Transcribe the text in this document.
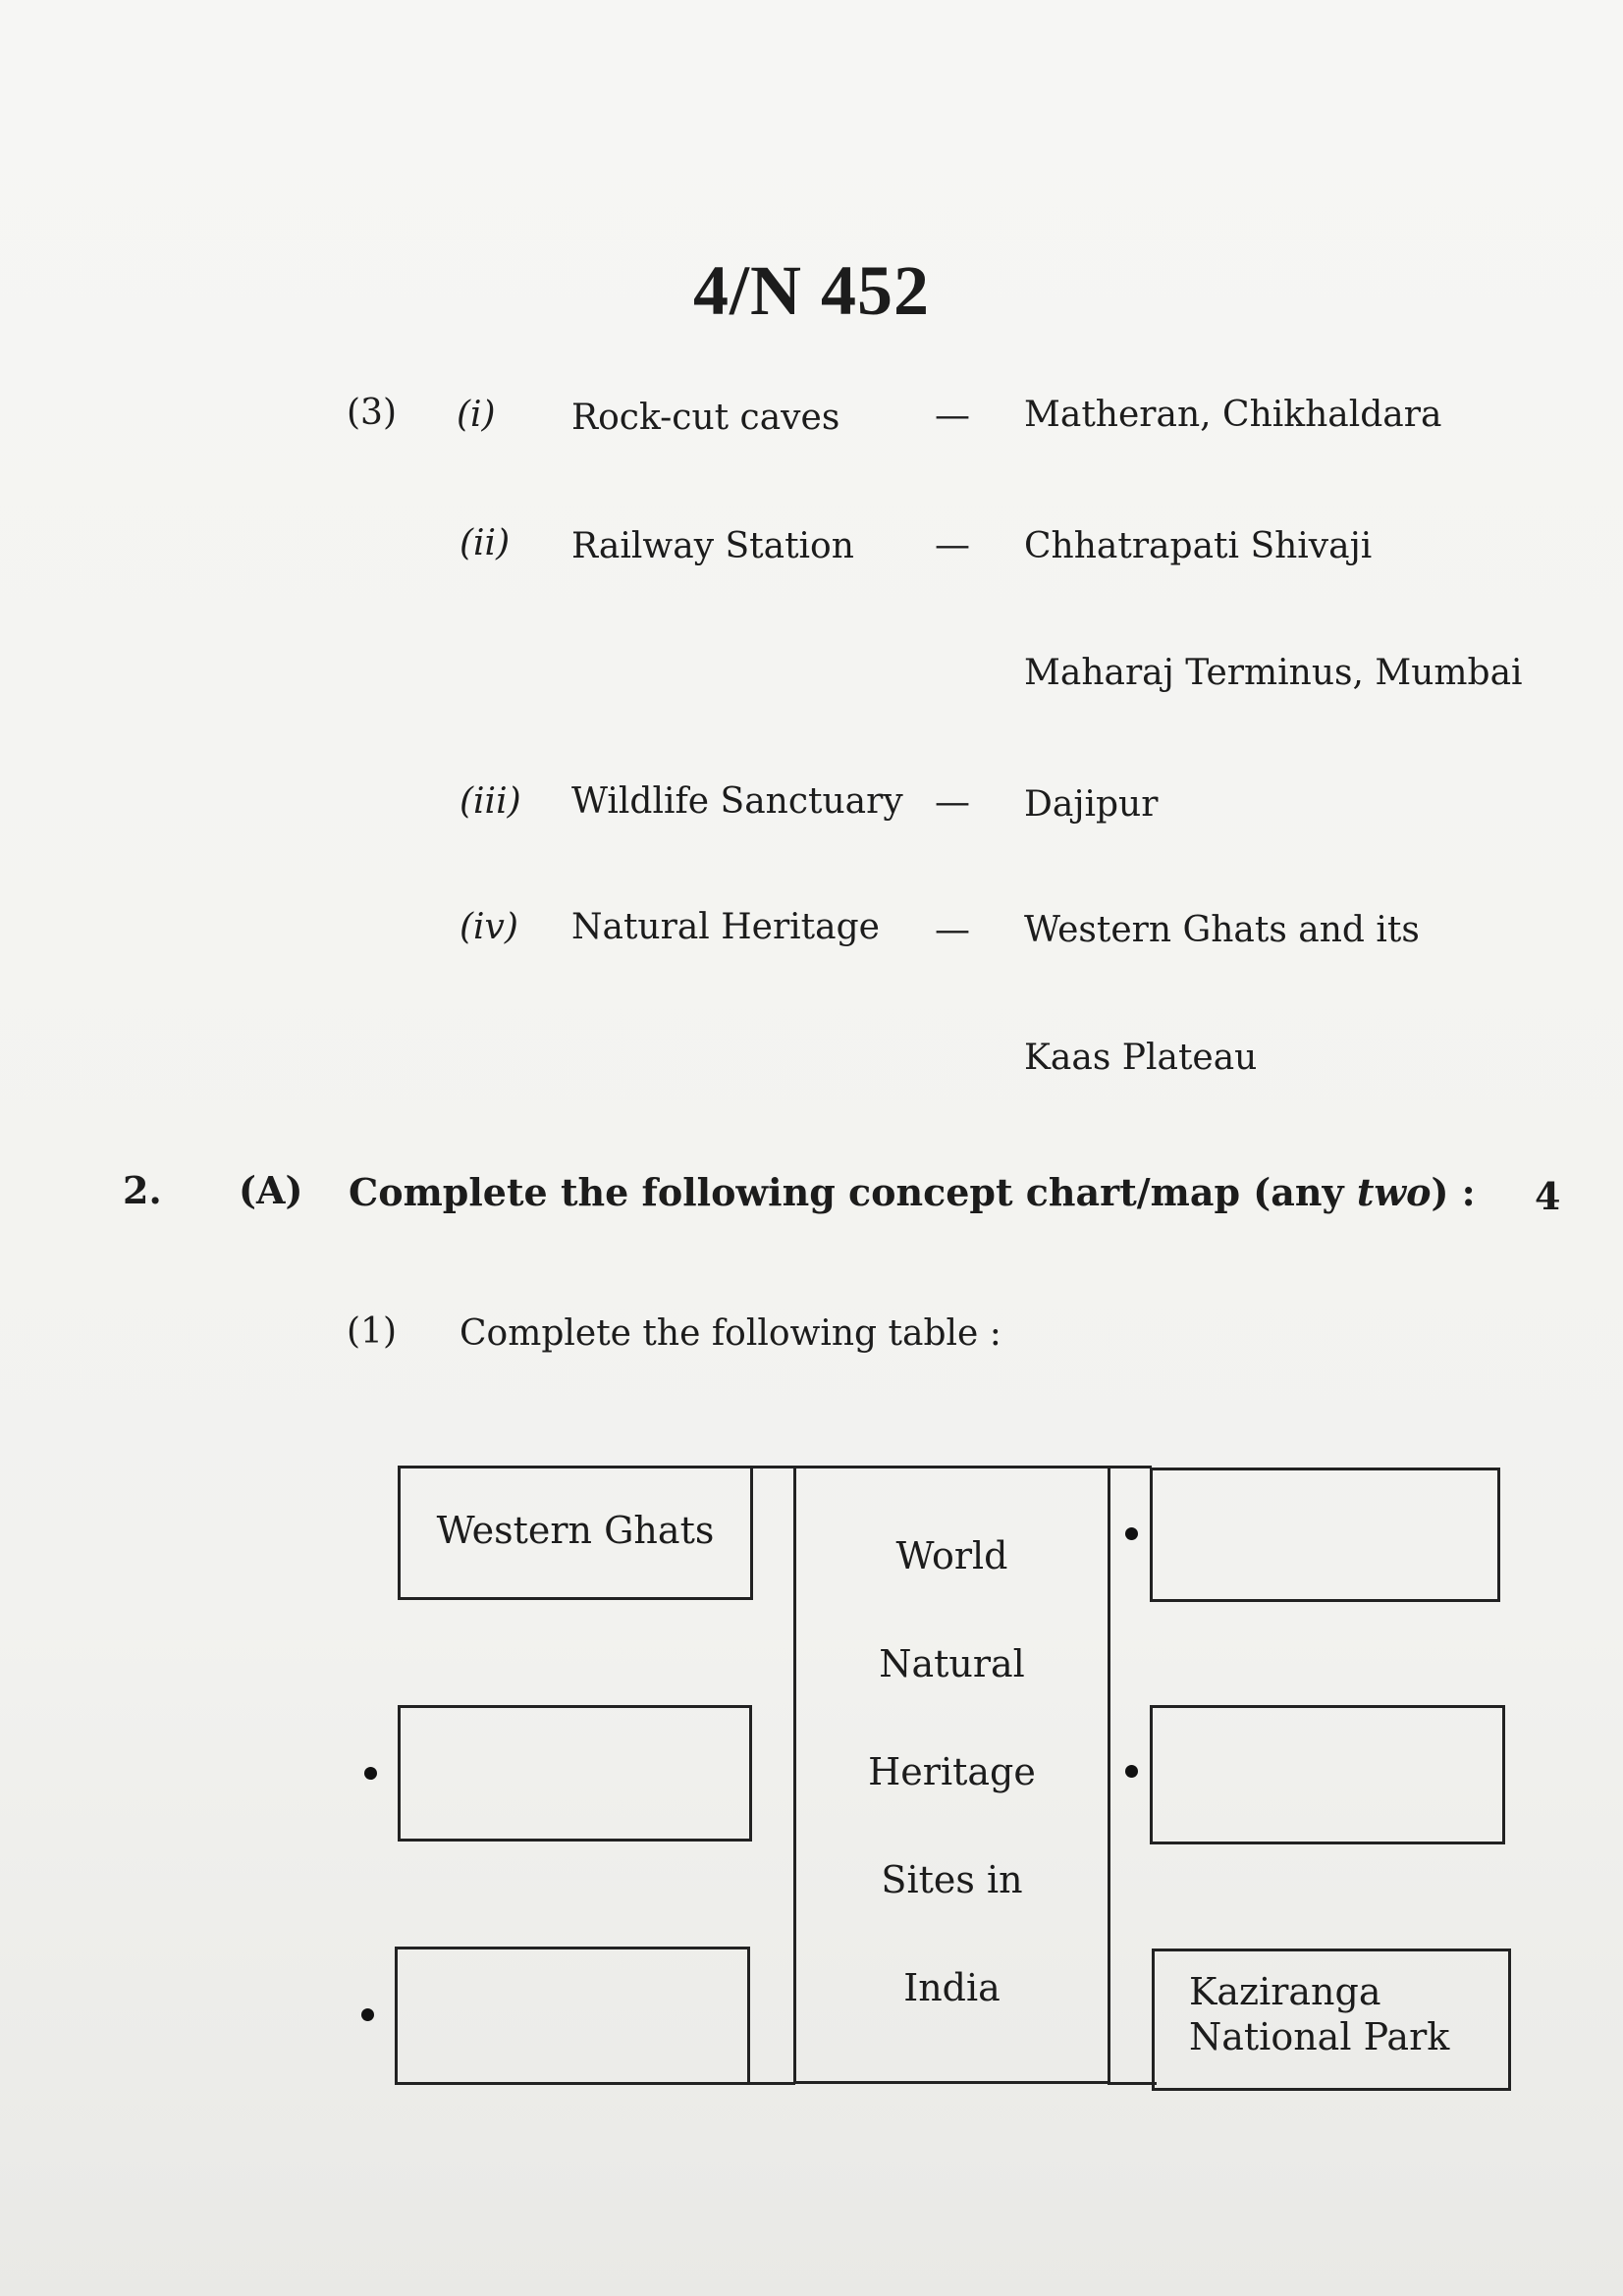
4/N 452
(3) (i) Rock-cut caves	— Matheran, Chikhaldara
(ii) Railway Station — Chhatrapati Shivaji
Maharaj Terminus, Mumbai
(iii) Wildlife Sanctuary — Dajipur
(iv) Natural Heritage — Western Ghats and its
Kaas Plateau
2. (A) Complete the following concept chart/map (any two) : 4
(1) Complete the following table :
Western Ghats
World
Natural
Heritage
Sites in
India	Kaziranga
National Park
